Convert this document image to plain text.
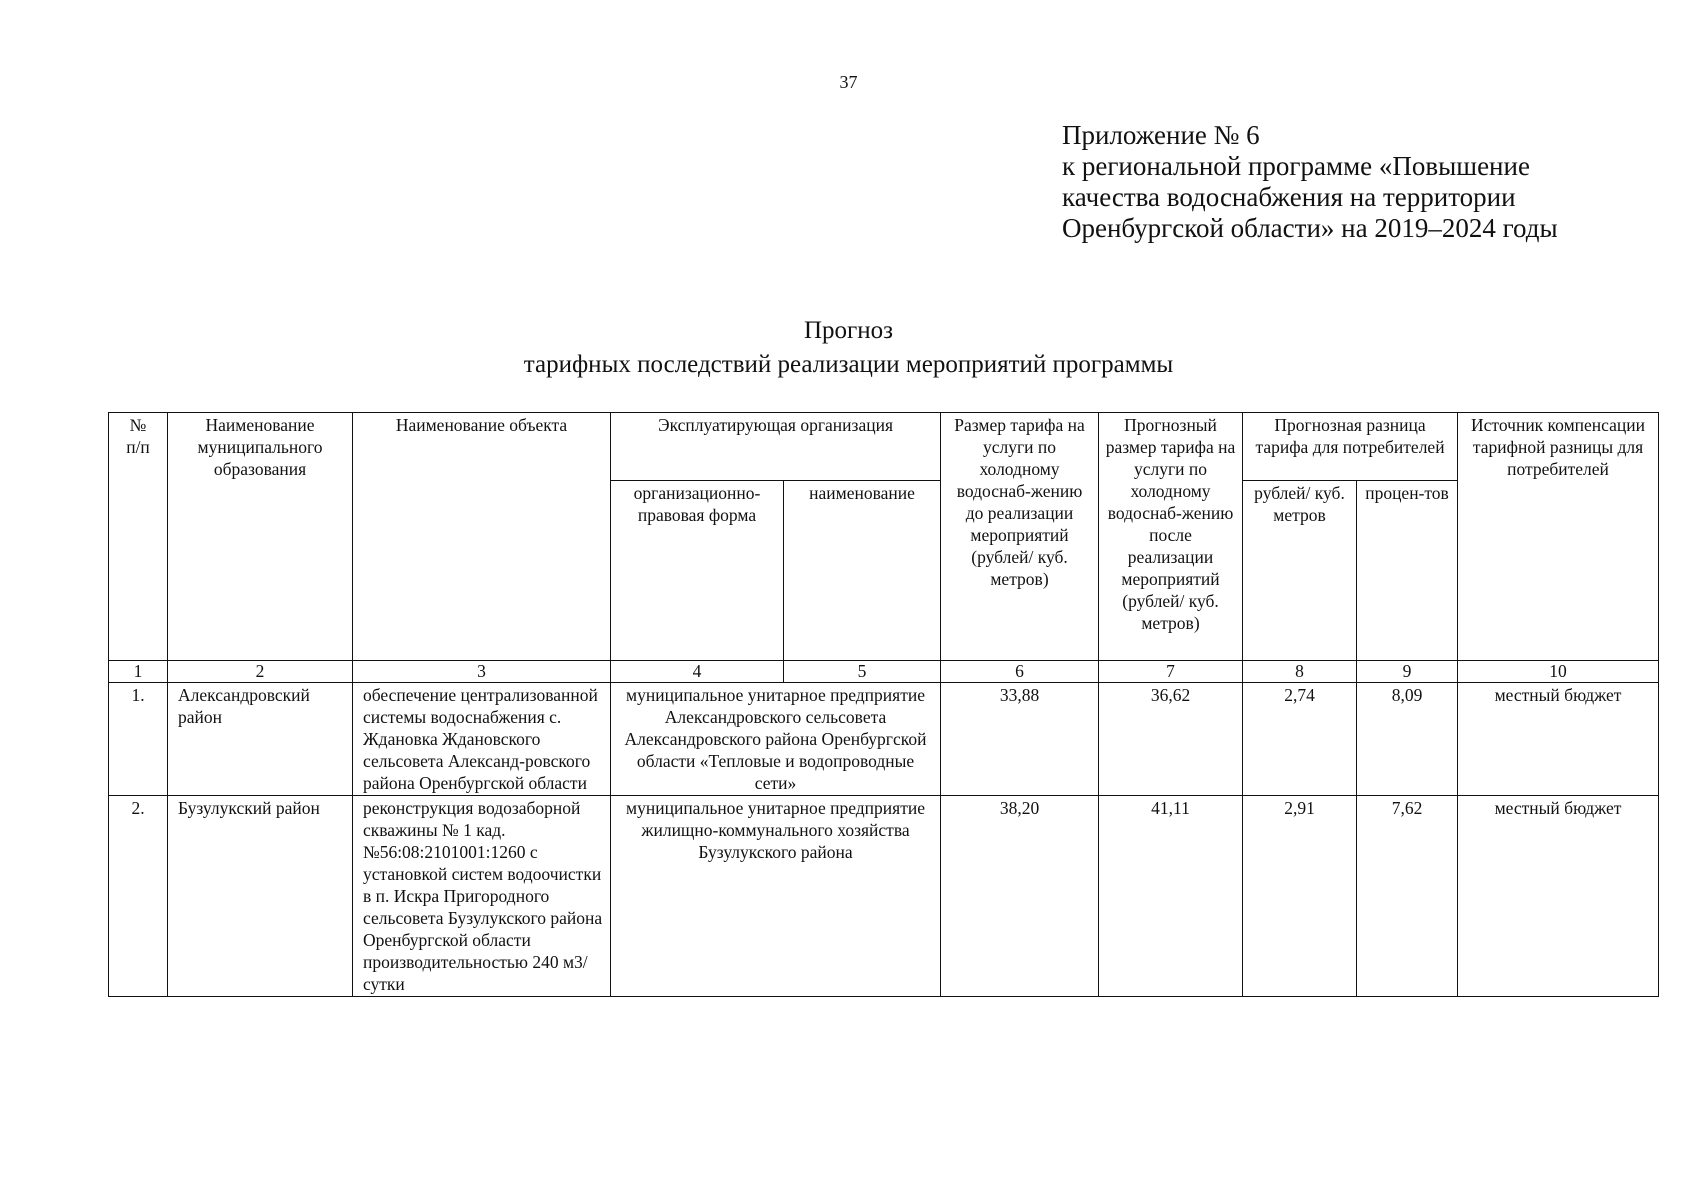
37
Приложение № 6
к региональной программе «Повышение
качества водоснабжения на территории
Оренбургской области» на 2019–2024 годы
Прогноз
тарифных последствий реализации мероприятий программы
№ п/п	Наименование муниципального образования	Наименование объекта	Эксплуатирующая организация		Размер тарифа на услуги по холодному водоснаб-жению до реализации мероприятий (рублей/ куб. метров)	Прогнозный размер тарифа на услуги по холодному водоснаб-жению после реализации мероприятий (рублей/ куб. метров)	Прогнозная разница тарифа для потребителей		Источник компенсации тарифной разницы для потребителей
			организационно-правовая форма	наименование			рублей/ куб. метров	процен-тов	
1	2	3	4	5	6	7	8	9	10
1.	Александровский район	обеспечение централизованной системы водоснабжения с. Ждановка Ждановского сельсовета Александ-ровского района Оренбургской области	муниципальное унитарное предприятие Александровского сельсовета Александровского района Оренбургской области «Тепловые и водопроводные сети»		33,88	36,62	2,74	8,09	местный бюджет
2.	Бузулукский район	реконструкция водозаборной скважины № 1 кад.№56:08:2101001:1260 с установкой систем водоочистки в п. Искра Пригородного сельсовета Бузулукского района Оренбургской области производительностью 240 м3/сутки	муниципальное унитарное предприятие жилищно-коммунального хозяйства Бузулукского района		38,20	41,11	2,91	7,62	местный бюджет
